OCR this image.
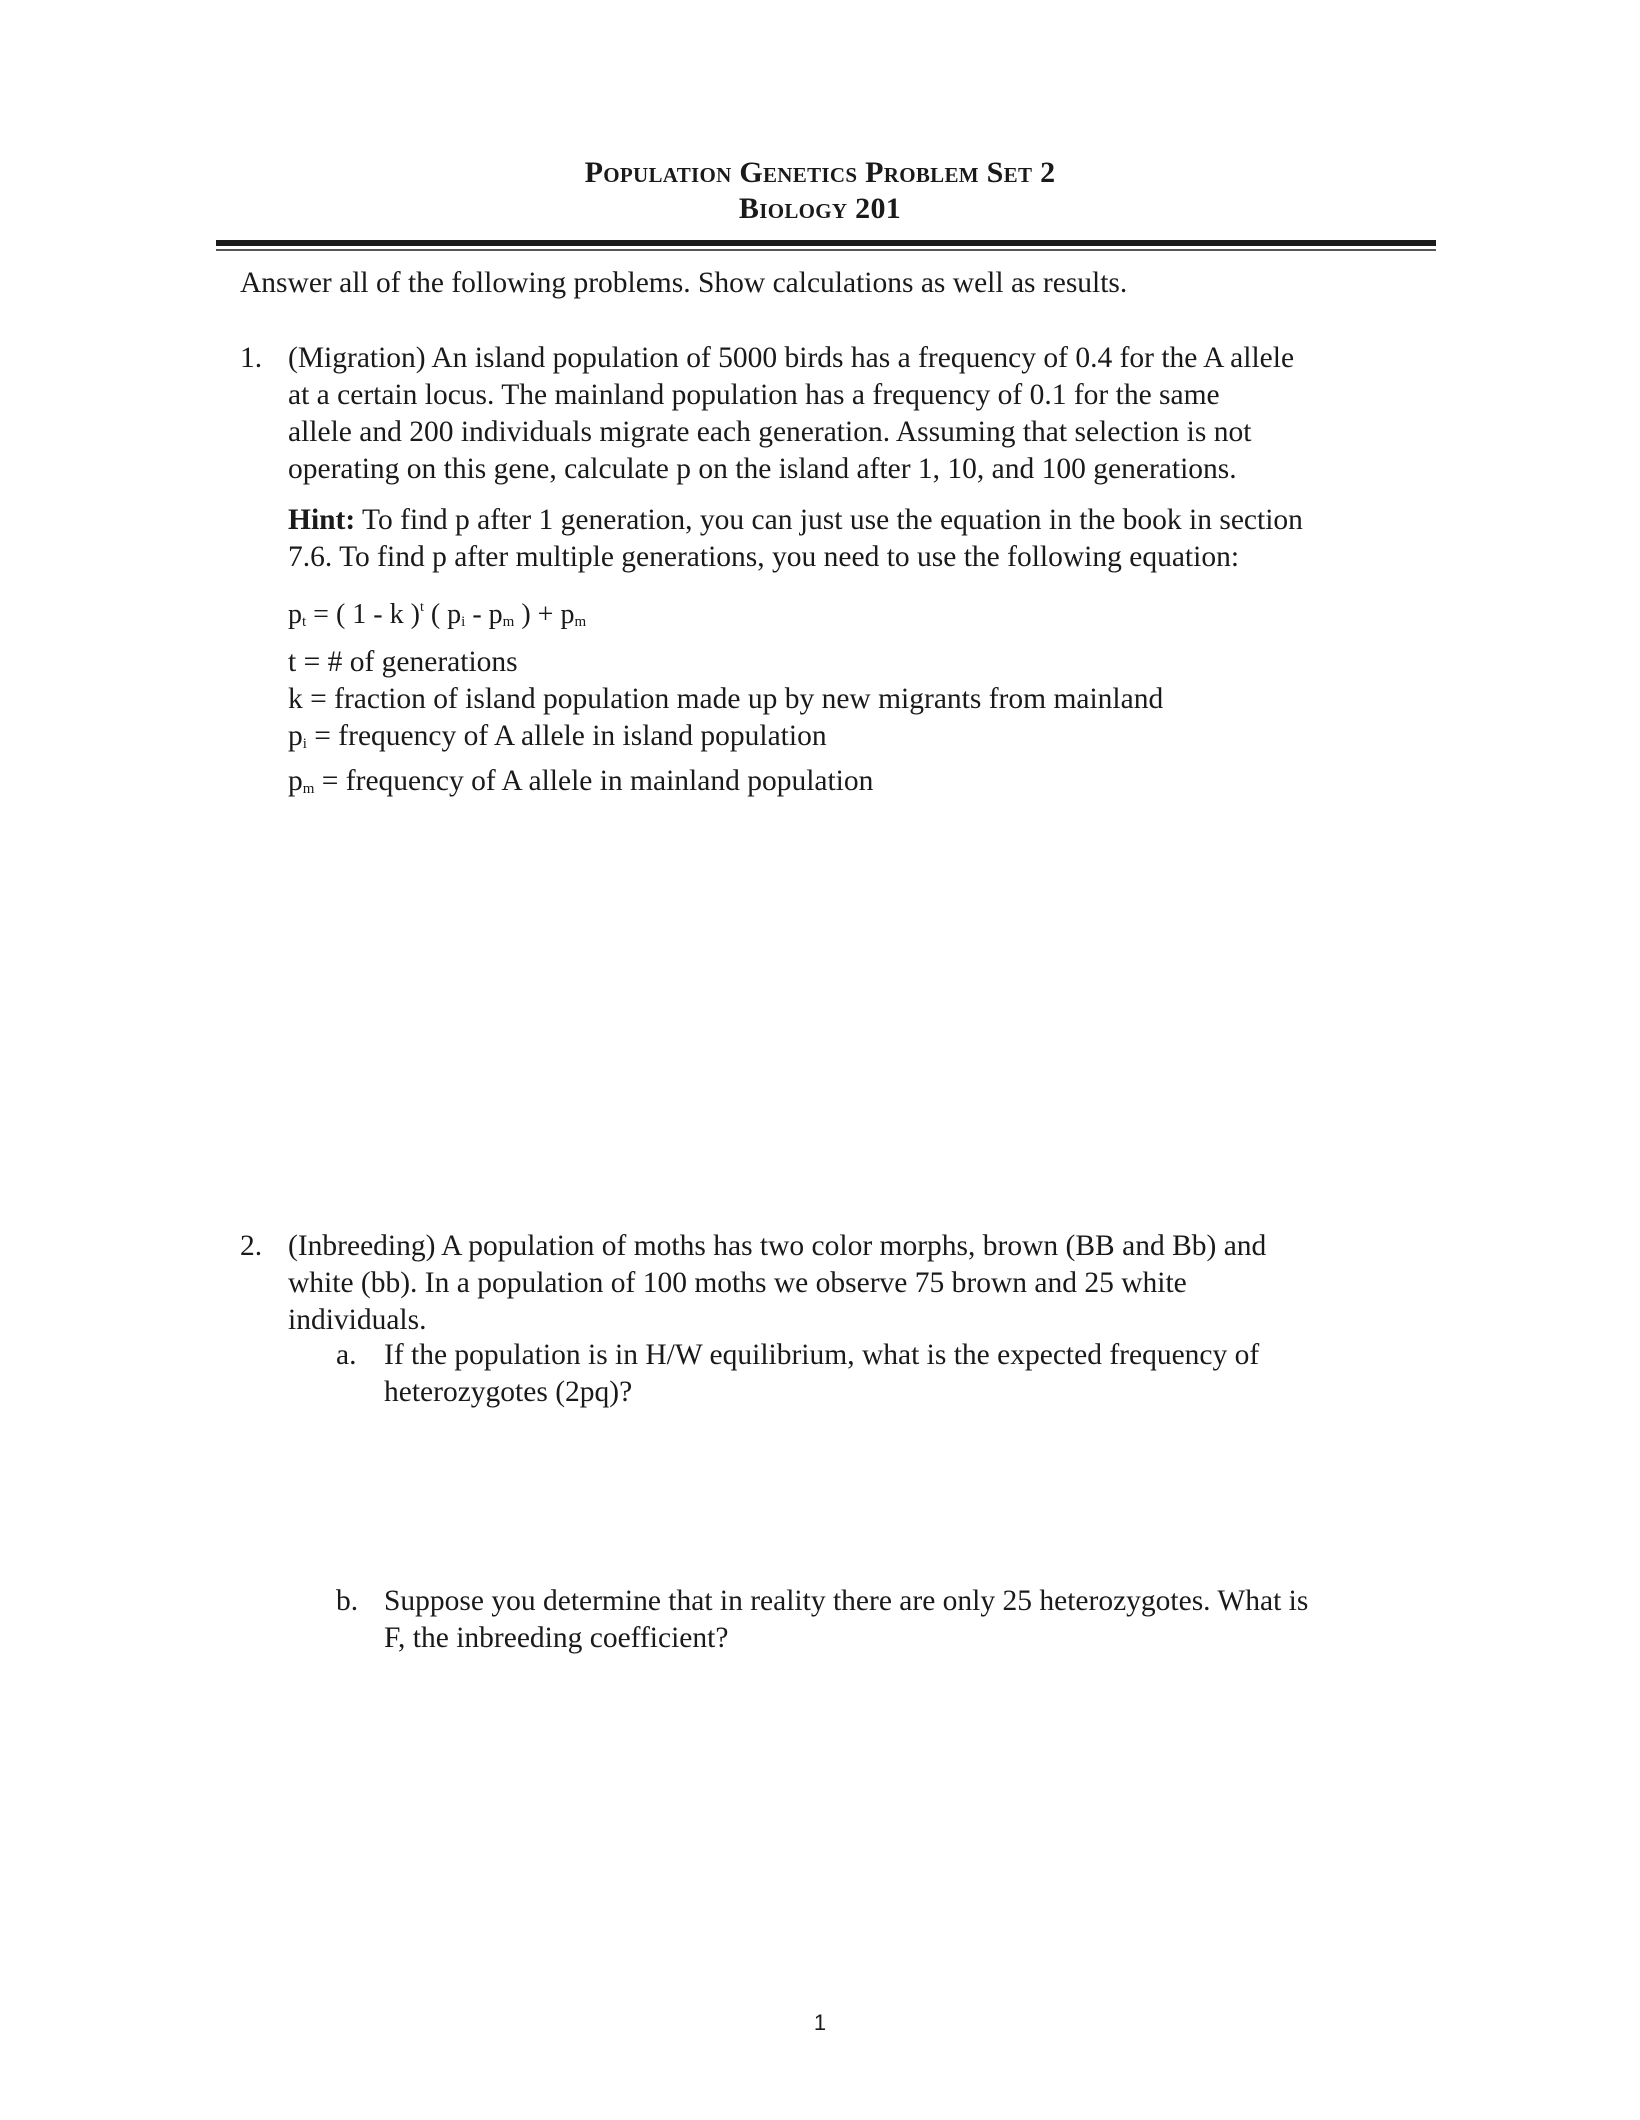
Population Genetics Problem Set 2
Biology 201
Answer all of the following problems. Show calculations as well as results.
1. (Migration) An island population of 5000 birds has a frequency of 0.4 for the A allele
at a certain locus. The mainland population has a frequency of 0.1 for the same
allele and 200 individuals migrate each generation. Assuming that selection is not
operating on this gene, calculate p on the island after 1, 10, and 100 generations.
Hint: To find p after 1 generation, you can just use the equation in the book in section
7.6. To find p after multiple generations, you need to use the following equation:
$p_t$ = ( 1 - k )$^t$ ( $p_i - p_m$ ) + $p_m$
t = # of generations
k = fraction of island population made up by new migrants from mainland
$p_i$ = frequency of A allele in island population
$p_m$ = frequency of A allele in mainland population
2. (Inbreeding) A population of moths has two color morphs, brown (BB and Bb) and
white (bb). In a population of 100 moths we observe 75 brown and 25 white
individuals.
a. If the population is in H/W equilibrium, what is the expected frequency of
heterozygotes (2pq)?
b. Suppose you determine that in reality there are only 25 heterozygotes. What is
F, the inbreeding coefficient?
1
